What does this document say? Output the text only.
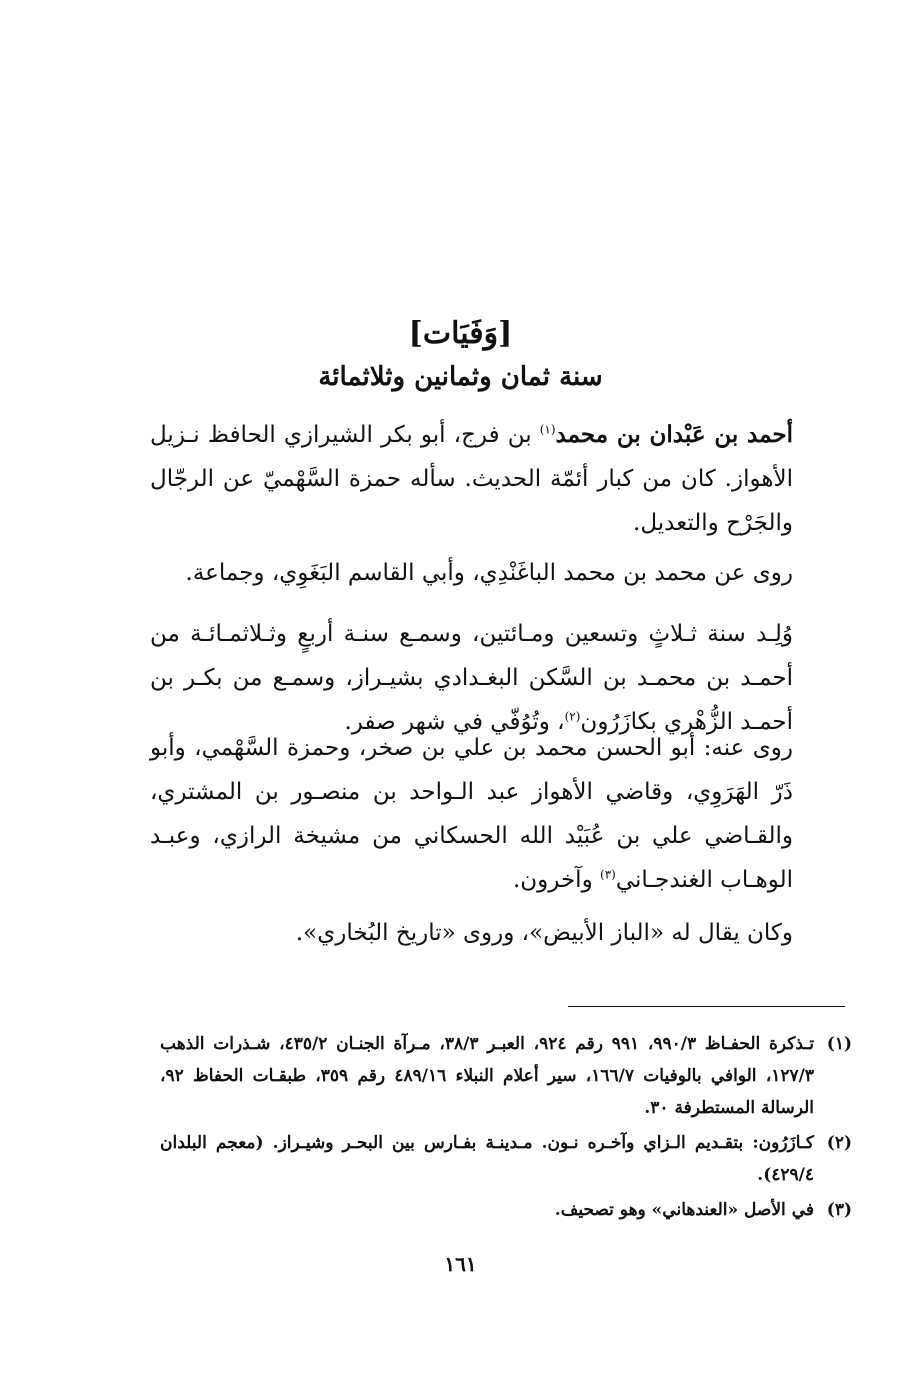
[وَفَيَات]
سنة ثمان وثمانين وثلاثمائة

أحمد بن عَبْدان بن محمد$^{(١)}$ بن فرج، أبو بكر الشيرازي الحافظ نـزيل الأهواز. كان من كبار أئمّة الحديث. سأله حمزة السَّهْميّ عن الرجّال والجَرْح والتعديل.

روى عن محمد بن محمد الباغَنْدِي، وأبي القاسم البَغَوِي، وجماعة.

وُلِـد سنة ثـلاثٍ وتسعين ومـائتين، وسمـع سنـة أربعٍ وثـلاثمـائـة من أحمـد بن محمـد بن السَّكن البغـدادي بشيـراز، وسمـع من بكـر بن أحمـد الزُّهْري بكازَرُون$^{(٢)}$، وتُوُفّي في شهر صفر.

روى عنه: أبو الحسن محمد بن علي بن صخر، وحمزة السَّهْمي، وأبو ذَرّ الهَرَوِي، وقاضي الأهواز عبد الـواحد بن منصـور بن المشتري، والقـاضي علي بن عُبَيْد الله الحسكاني من مشيخة الرازي، وعبـد الوهـاب الغندجـاني$^{(٣)}$ وآخرون.

وكان يقال له «الباز الأبيض»، وروى «تاريخ البُخاري».

(١)
تـذكرة الحفـاظ ٩٩٠/٣، ٩٩١ رقم ٩٢٤، العبـر ٣٨/٣، مـرآة الجنـان ٤٣٥/٢، شـذرات الذهب ١٢٧/٣، الوافي بالوفيات ١٦٦/٧، سير أعلام النبلاء ٤٨٩/١٦ رقم ٣٥٩، طبقـات الحفاظ ٩٢، الرسالة المستطرفة ٣٠.
(٢)
كـازَرُون: بتقـديم الـزاي وآخـره نـون. مـدينـة بفـارس بين البحـر وشيـراز. (معجم البلدان ٤٢٩/٤).
(٣)
في الأصل «العندهاني» وهو تصحيف.
١٦١
